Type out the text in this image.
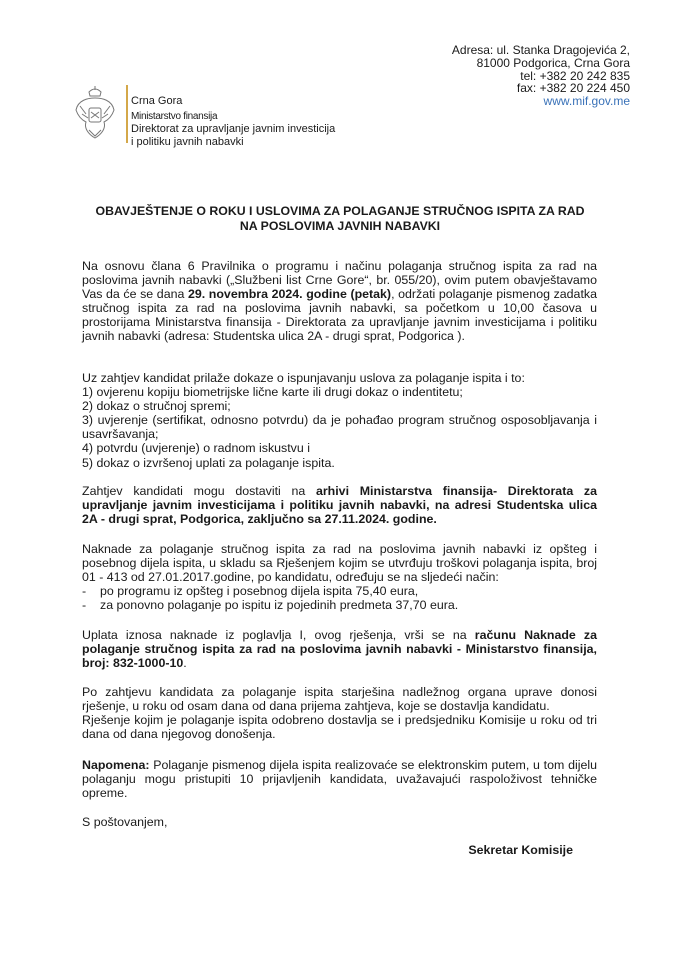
Adresa: ul. Stanka Dragojevića 2,
81000 Podgorica, Crna Gora
tel: +382 20 242 835
fax: +382 20 224 450
www.mif.gov.me
Crna Gora
Ministarstvo finansija
Direktorat za upravljanje javnim investicija
i politiku javnih nabavki
OBAVJEŠTENJE O ROKU I USLOVIMA ZA POLAGANJE STRUČNOG ISPITA ZA RAD
NA POSLOVIMA JAVNIH NABAVKI
Na osnovu člana 6 Pravilnika o programu i načinu polaganja stručnog ispita za rad na poslovima javnih nabavki („Službeni list Crne Gore“, br. 055/20), ovim putem obavještavamo Vas da će se dana 29. novembra 2024. godine (petak), održati polaganje pismenog zadatka stručnog ispita za rad na poslovima javnih nabavki, sa početkom u 10,00 časova u prostorijama Ministarstva finansija - Direktorata za upravljanje javnim investicijama i politiku javnih nabavki (adresa: Studentska ulica 2A - drugi sprat, Podgorica ).
Uz zahtjev kandidat prilaže dokaze o ispunjavanju uslova za polaganje ispita i to:
1) ovjerenu kopiju biometrijske lične karte ili drugi dokaz o indentitetu;
2) dokaz o stručnoj spremi;
3) uvjerenje (sertifikat, odnosno potvrdu) da je pohađao program stručnog osposobljavanja i usavršavanja;
4) potvrdu (uvjerenje) o radnom iskustvu i
5) dokaz o izvršenoj uplati za polaganje ispita.
Zahtjev kandidati mogu dostaviti na arhivi Ministarstva finansija- Direktorata za upravljanje javnim investicijama i politiku javnih nabavki, na adresi Studentska ulica 2A - drugi sprat, Podgorica, zaključno sa 27.11.2024. godine.
Naknade za polaganje stručnog ispita za rad na poslovima javnih nabavki iz opšteg i posebnog dijela ispita, u skladu sa Rješenjem kojim se utvrđuju troškovi polaganja ispita, broj 01 - 413 od 27.01.2017.godine, po kandidatu, određuju se na sljedeći način:
- po programu iz opšteg i posebnog dijela ispita 75,40 eura,
- za ponovno polaganje po ispitu iz pojedinih predmeta 37,70 eura.
Uplata iznosa naknade iz poglavlja I, ovog rješenja, vrši se na računu Naknade za polaganje stručnog ispita za rad na poslovima javnih nabavki - Ministarstvo finansija, broj: 832-1000-10.
Po zahtjevu kandidata za polaganje ispita starješina nadležnog organa uprave donosi rješenje, u roku od osam dana od dana prijema zahtjeva, koje se dostavlja kandidatu.
Rješenje kojim je polaganje ispita odobreno dostavlja se i predsjedniku Komisije u roku od tri dana od dana njegovog donošenja.
Napomena: Polaganje pismenog dijela ispita realizovaće se elektronskim putem, u tom dijelu polaganju mogu pristupiti 10 prijavljenih kandidata, uvažavajući raspoloživost tehničke opreme.
S poštovanjem,
Sekretar Komisije
